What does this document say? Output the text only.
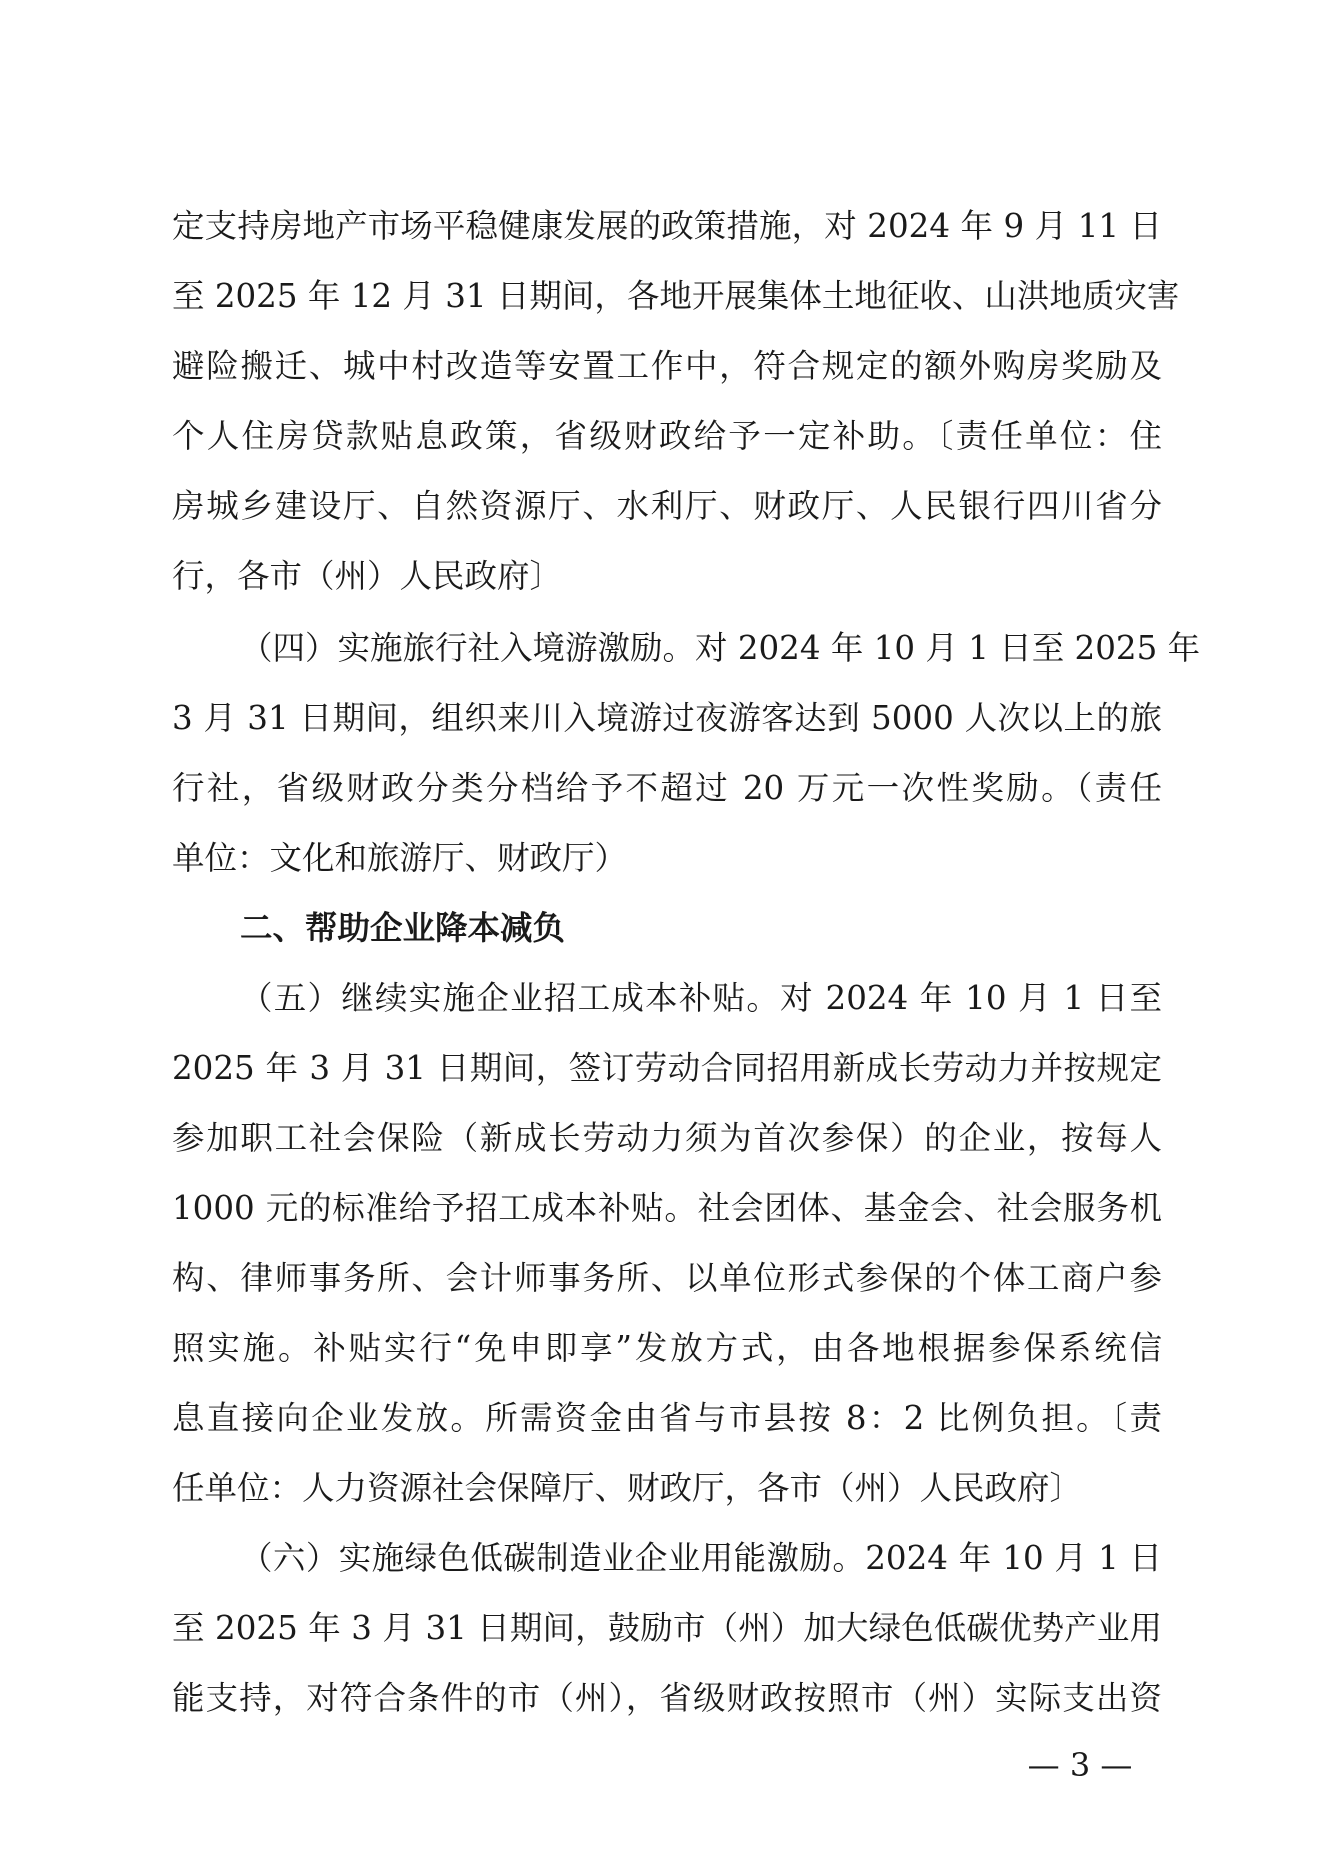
定支持房地产市场平稳健康发展的政策措施，对 2024 年 9 月 11 日
至 2025 年 12 月 31 日期间，各地开展集体土地征收、山洪地质灾害
避险搬迁、城中村改造等安置工作中，符合规定的额外购房奖励及
个人住房贷款贴息政策，省级财政给予一定补助。〔责任单位：住
房城乡建设厅、自然资源厅、水利厅、财政厅、人民银行四川省分
行，各市（州）人民政府〕
（四）实施旅行社入境游激励。对 2024 年 10 月 1 日至 2025 年
3 月 31 日期间，组织来川入境游过夜游客达到 5000 人次以上的旅
行社，省级财政分类分档给予不超过 20 万元一次性奖励。（责任
单位：文化和旅游厅、财政厅）
二、帮助企业降本减负
（五）继续实施企业招工成本补贴。对 2024 年 10 月 1 日至
2025 年 3 月 31 日期间，签订劳动合同招用新成长劳动力并按规定
参加职工社会保险（新成长劳动力须为首次参保）的企业，按每人
1000 元的标准给予招工成本补贴。社会团体、基金会、社会服务机
构、律师事务所、会计师事务所、以单位形式参保的个体工商户参
照实施。补贴实行“免申即享”发放方式，由各地根据参保系统信
息直接向企业发放。所需资金由省与市县按 8：2 比例负担。〔责
任单位：人力资源社会保障厅、财政厅，各市（州）人民政府〕
（六）实施绿色低碳制造业企业用能激励。2024 年 10 月 1 日
至 2025 年 3 月 31 日期间，鼓励市（州）加大绿色低碳优势产业用
能支持，对符合条件的市（州），省级财政按照市（州）实际支出资
— 3 —
